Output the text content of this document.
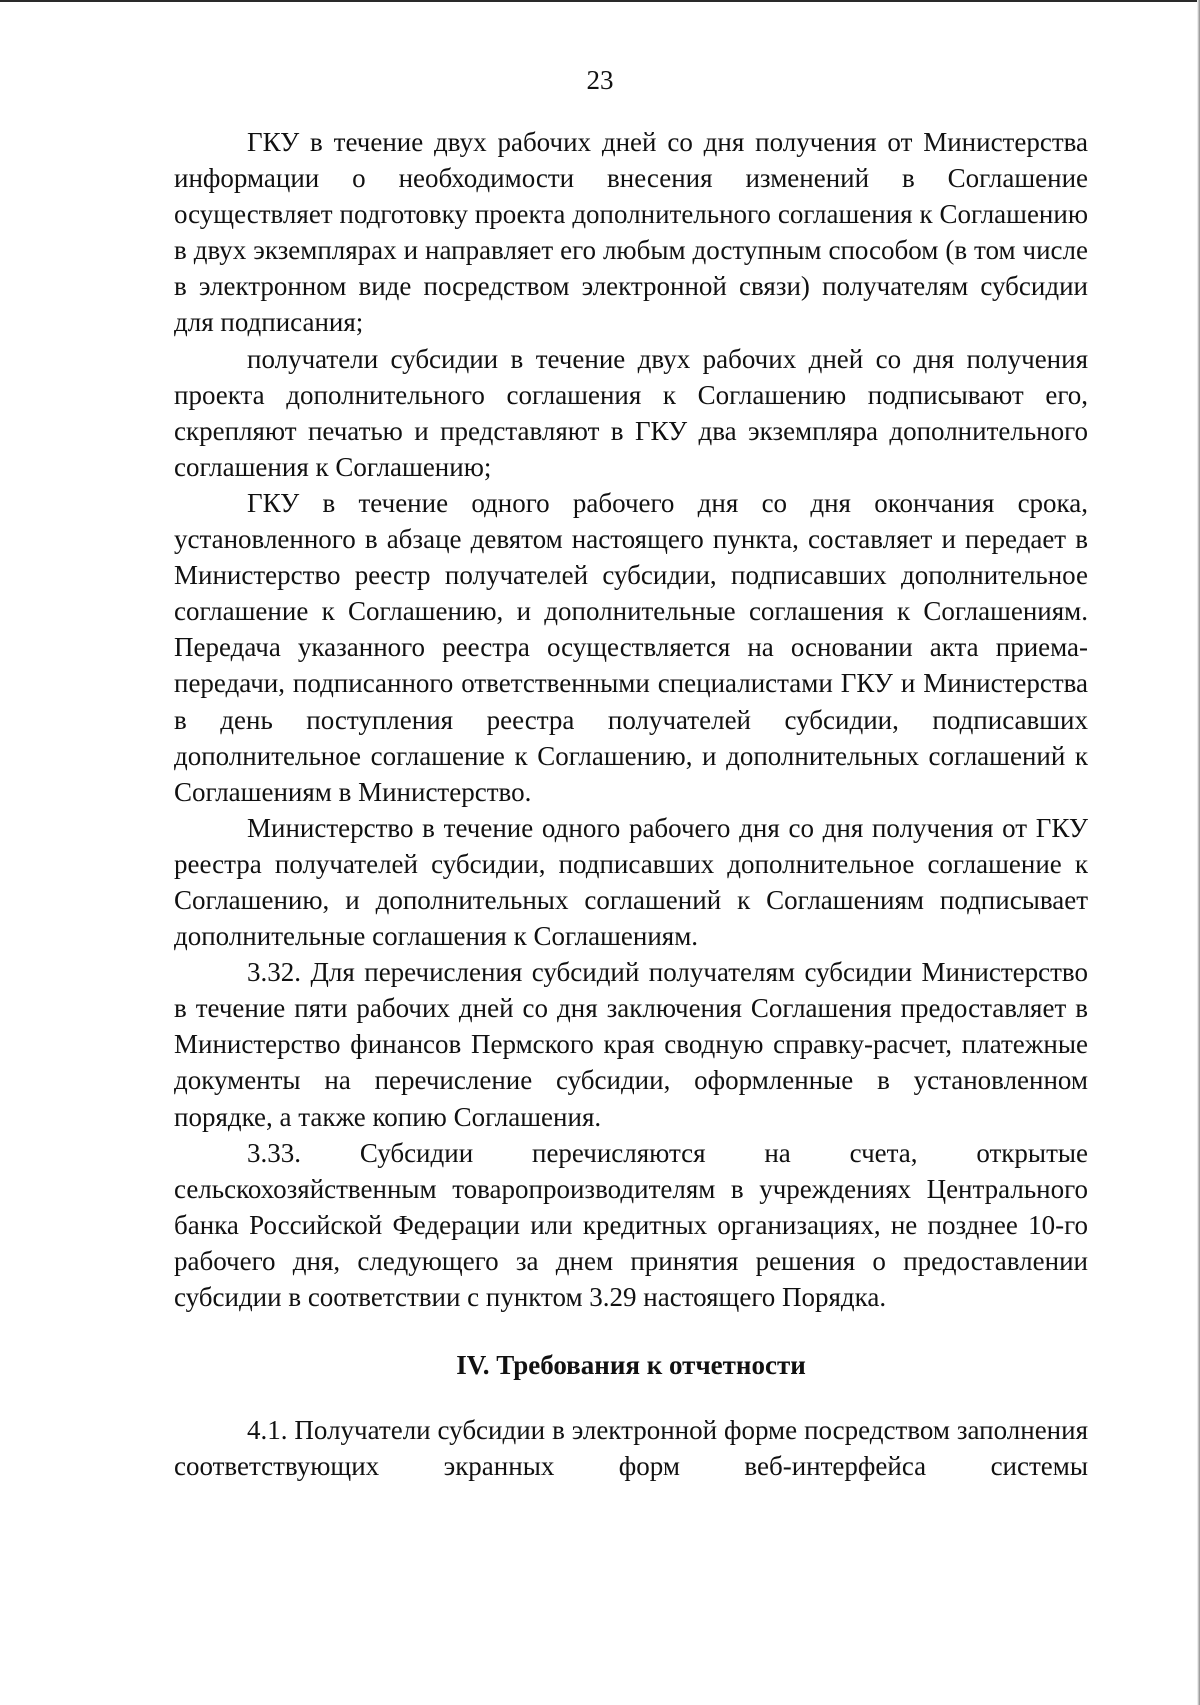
23

ГКУ в течение двух рабочих дней со дня получения от Министерства информации о необходимости внесения изменений в Соглашение осуществляет подготовку проекта дополнительного соглашения к Соглашению в двух экземплярах и направляет его любым доступным способом (в том числе в электронном виде посредством электронной связи) получателям субсидии для подписания;

получатели субсидии в течение двух рабочих дней со дня получения проекта дополнительного соглашения к Соглашению подписывают его, скрепляют печатью и представляют в ГКУ два экземпляра дополнительного соглашения к Соглашению;

ГКУ в течение одного рабочего дня со дня окончания срока, установленного в абзаце девятом настоящего пункта, составляет и передает в Министерство реестр получателей субсидии, подписавших дополнительное соглашение к Соглашению, и дополнительные соглашения к Соглашениям. Передача указанного реестра осуществляется на основании акта приема-передачи, подписанного ответственными специалистами ГКУ и Министерства в день поступления реестра получателей субсидии, подписавших дополнительное соглашение к Соглашению, и дополнительных соглашений к Соглашениям в Министерство.

Министерство в течение одного рабочего дня со дня получения от ГКУ реестра получателей субсидии, подписавших дополнительное соглашение к Соглашению, и дополнительных соглашений к Соглашениям подписывает дополнительные соглашения к Соглашениям.

3.32. Для перечисления субсидий получателям субсидии Министерство в течение пяти рабочих дней со дня заключения Соглашения предоставляет в Министерство финансов Пермского края сводную справку-расчет, платежные документы на перечисление субсидии, оформленные в установленном порядке, а также копию Соглашения.

3.33. Субсидии перечисляются на счета, открытые сельскохозяйственным товаропроизводителям в учреждениях Центрального банка Российской Федерации или кредитных организациях, не позднее 10-го рабочего дня, следующего за днем принятия решения о предоставлении субсидии в соответствии с пунктом 3.29 настоящего Порядка.

IV. Требования к отчетности

4.1. Получатели субсидии в электронной форме посредством заполнения соответствующих экранных форм веб-интерфейса системы
